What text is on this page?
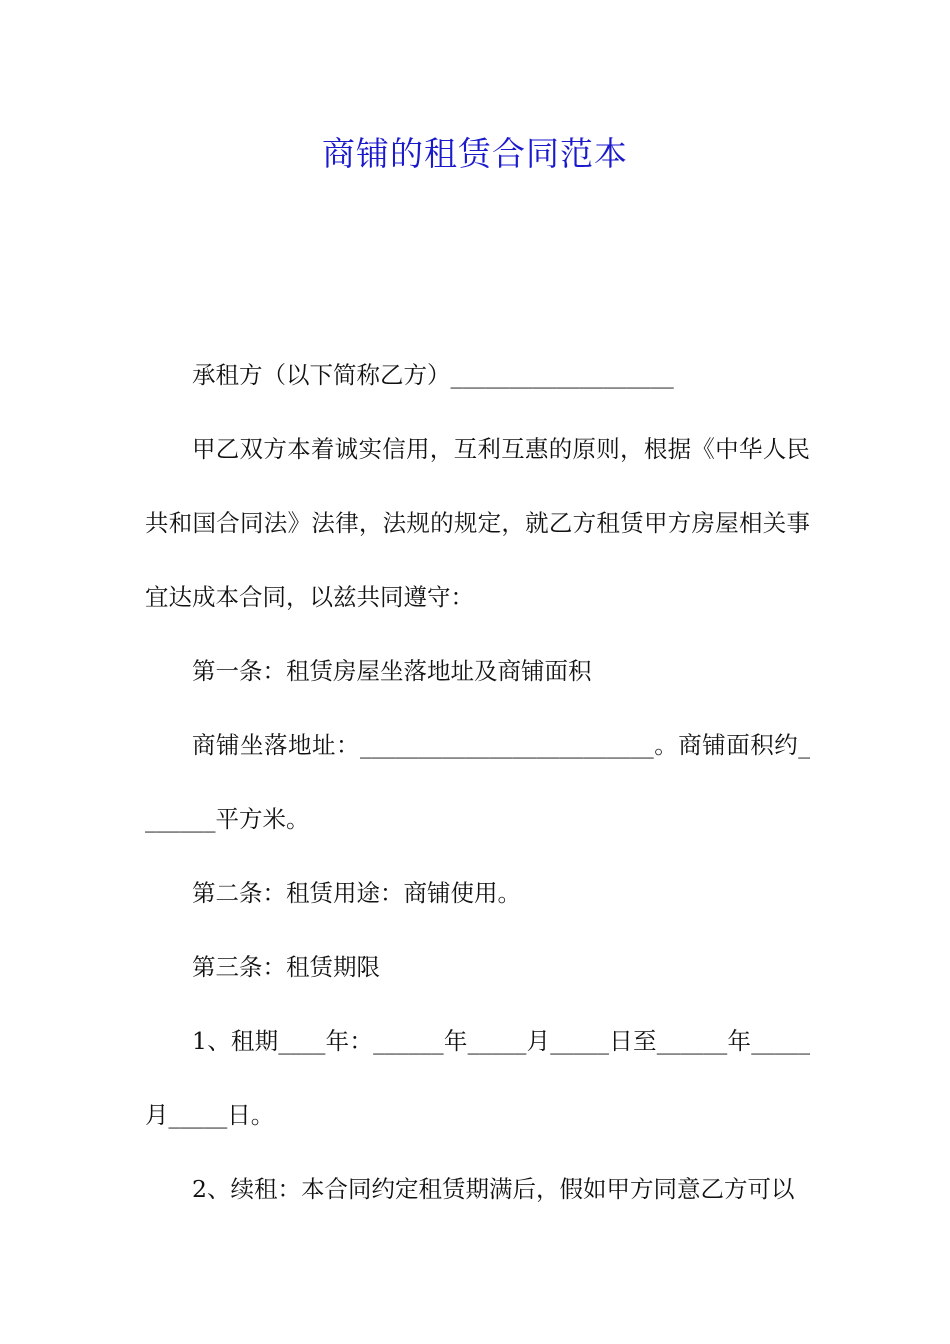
商铺的租赁合同范本

承租方（以下简称乙方）___________________

甲乙双方本着诚实信用，互利互惠的原则，根据《中华人民共和国合同法》法律，法规的规定，就乙方租赁甲方房屋相关事宜达成本合同，以兹共同遵守：

第一条：租赁房屋坐落地址及商铺面积

商铺坐落地址：_________________________。商铺面积约_______平方米。

第二条：租赁用途：商铺使用。

第三条：租赁期限

1、租期____年：______年_____月_____日至______年_____月_____日。

2、续租：本合同约定租赁期满后，假如甲方同意乙方可以
